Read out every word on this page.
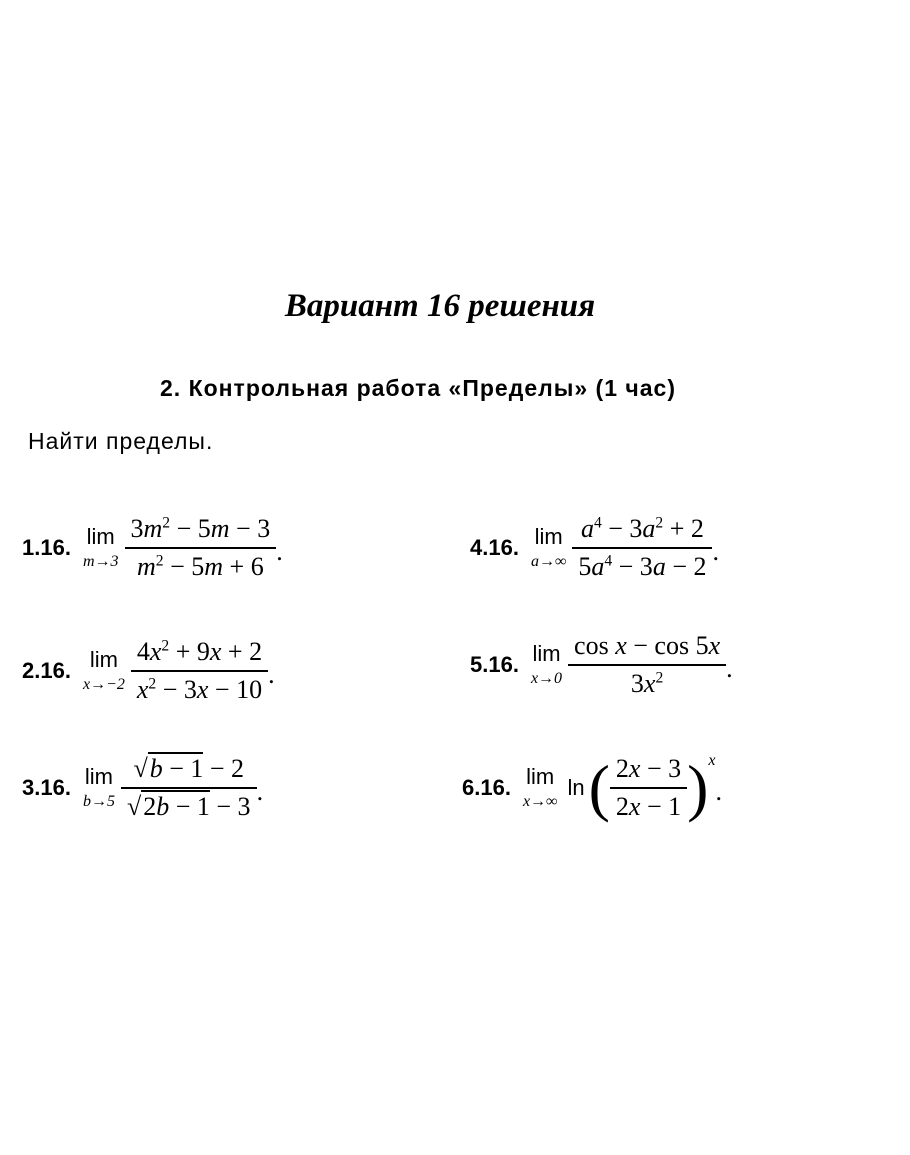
Вариант 16 решения
2. Контрольная работа «Пределы» (1 час)
Найти пределы.
1.16. lim
$m\to 3 \frac{3m^2 - 5m - 3}{m^2 - 5m + 6}$ .
2.16. lim
$x\to-2 \frac{4x^2 + 9x + 2}{x^2 - 3x - 10}$ .
3.16. lim
$b\to 5 \frac{√b - 1 - 2}{√2b - 1 - 3}$ .
4.16. lim
$a\to\infty \frac{a^4 - 3a^2 + 2}{5a^4 - 3a - 2}$ .
5.16. lim
$x\to 0 \frac{\text{cos x − cos 5x}}{3x^2}$ .
6.16. lim
x→∞
ln ( $\frac{2x - 3}{2x - 1}$ ) x
.
